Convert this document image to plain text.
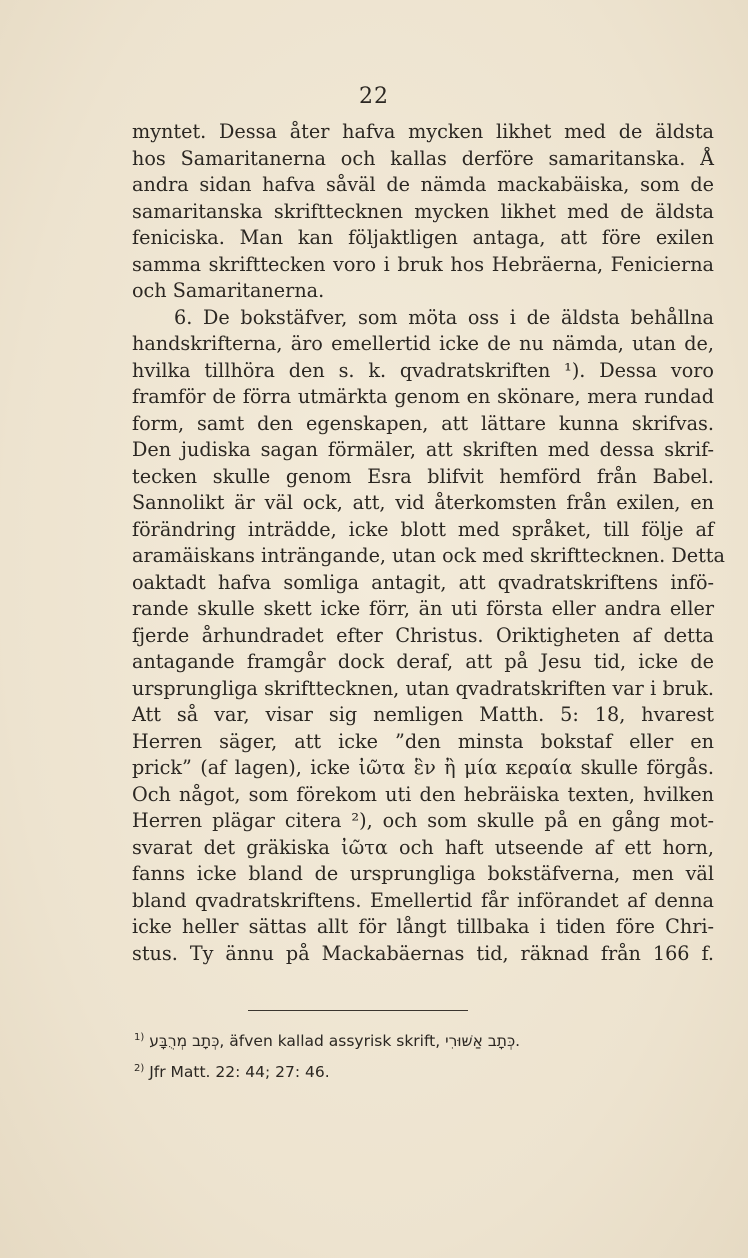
22
myntet. Dessa åter hafva mycken likhet med de äldsta
hos Samaritanerna och kallas derföre samaritanska. Å
andra sidan hafva såväl de nämda mackabäiska, som de
samaritanska skrifttecknen mycken likhet med de äldsta
feniciska. Man kan följaktligen antaga, att före exilen
samma skrifttecken voro i bruk hos Hebräerna, Fenicierna
och Samaritanerna.
6. De bokstäfver, som möta oss i de äldsta behållna
handskrifterna, äro emellertid icke de nu nämda, utan de,
hvilka tillhöra den s. k. qvadratskriften ¹). Dessa voro
framför de förra utmärkta genom en skönare, mera rundad
form, samt den egenskapen, att lättare kunna skrifvas.
Den judiska sagan förmäler, att skriften med dessa skrif-
tecken skulle genom Esra blifvit hemförd från Babel.
Sannolikt är väl ock, att, vid återkomsten från exilen, en
förändring inträdde, icke blott med språket, till följe af
aramäiskans inträngande, utan ock med skrifttecknen. Detta
oaktadt hafva somliga antagit, att qvadratskriftens infö-
rande skulle skett icke förr, än uti första eller andra eller
fjerde århundradet efter Christus. Oriktigheten af detta
antagande framgår dock deraf, att på Jesu tid, icke de
ursprungliga skrifttecknen, utan qvadratskriften var i bruk.
Att så var, visar sig nemligen Matth. 5: 18, hvarest
Herren säger, att icke ”den minsta bokstaf eller en
prick” (af lagen), icke ἰῶτα ἓν ἢ μία κεραία skulle förgås.
Och något, som förekom uti den hebräiska texten, hvilken
Herren plägar citera ²), och som skulle på en gång mot-
svarat det gräkiska ἰῶτα och haft utseende af ett horn,
fanns icke bland de ursprungliga bokstäfverna, men väl
bland qvadratskriftens. Emellertid får införandet af denna
icke heller sättas allt för långt tillbaka i tiden före Chri-
stus. Ty ännu på Mackabäernas tid, räknad från 166 f.
$^{1)}$ כְּתָב מְרֻבָּע, äfven kallad assyrisk skrift, כְּתָב אַשּׁוּרִי.
$^{2)}$ Jfr Matt. 22: 44; 27: 46.
